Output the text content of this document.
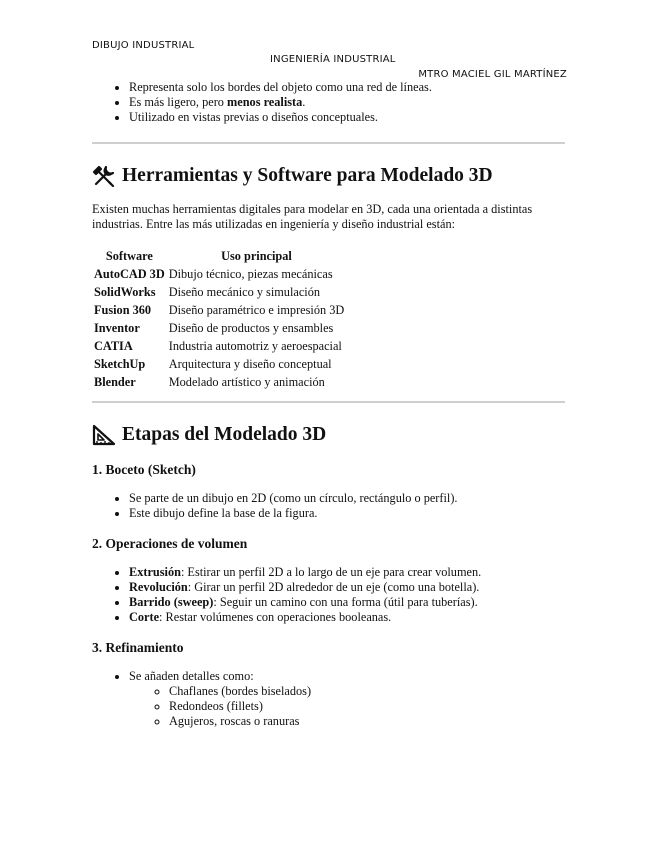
DIBUJO INDUSTRIAL
INGENIERÍA INDUSTRIAL
MTRO MACIEL GIL MARTÍNEZ
• Representa solo los bordes del objeto como una red de líneas.
• Es más ligero, pero menos realista.
• Utilizado en vistas previas o diseños conceptuales.
Herramientas y Software para Modelado 3D

Existen muchas herramientas digitales para modelar en 3D, cada una orientada a distintas industrias. Entre las más utilizadas en ingeniería y diseño industrial están:

Software	Uso principal
AutoCAD 3D	Dibujo técnico, piezas mecánicas
SolidWorks	Diseño mecánico y simulación
Fusion 360	Diseño paramétrico e impresión 3D
Inventor	Diseño de productos y ensambles
CATIA	Industria automotriz y aeroespacial
SketchUp	Arquitectura y diseño conceptual
Blender	Modelado artístico y animación
Etapas del Modelado 3D
1. Boceto (Sketch)
• Se parte de un dibujo en 2D (como un círculo, rectángulo o perfil).
• Este dibujo define la base de la figura.
2. Operaciones de volumen
• Extrusión: Estirar un perfil 2D a lo largo de un eje para crear volumen.
• Revolución: Girar un perfil 2D alrededor de un eje (como una botella).
• Barrido (sweep): Seguir un camino con una forma (útil para tuberías).
• Corte: Restar volúmenes con operaciones booleanas.
3. Refinamiento
• Se añaden detalles como:
◦ Chaflanes (bordes biselados)
◦ Redondeos (fillets)
◦ Agujeros, roscas o ranuras
